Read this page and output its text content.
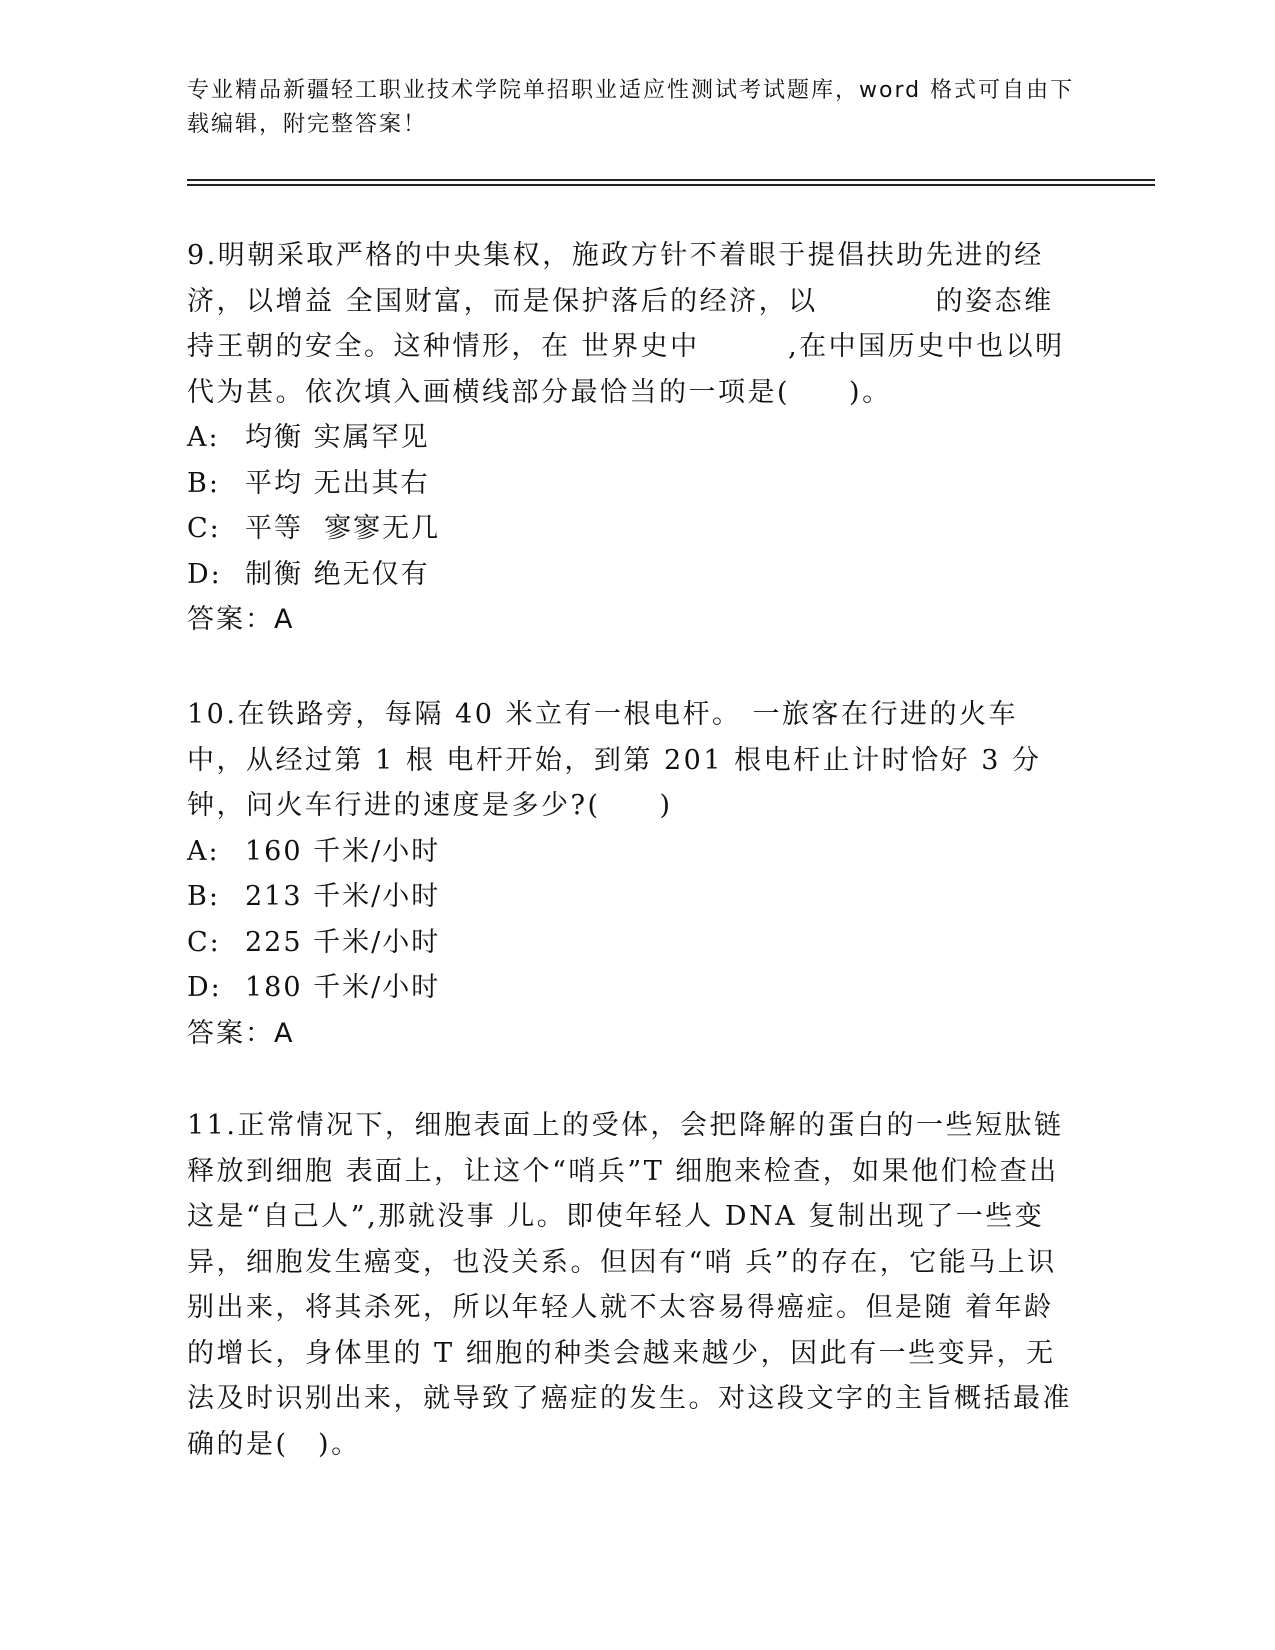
专业精品新疆轻工职业技术学院单招职业适应性测试考试题库，word 格式可自由下载编辑，附完整答案！

9.明朝采取严格的中央集权，施政方针不着眼于提倡扶助先进的经济，以增益 全国财富，而是保护落后的经济，以　　　　的姿态维持王朝的安全。这种情形，在 世界史中　　　,在中国历史中也以明代为甚。依次填入画横线部分最恰当的一项是(　　)。

A: 均衡 实属罕见

B: 平均 无出其右

C: 平等  寥寥无几

D: 制衡 绝无仅有

答案：A

10.在铁路旁，每隔 40 米立有一根电杆。 一旅客在行进的火车中，从经过第 1 根 电杆开始，到第 201 根电杆止计时恰好 3 分钟，问火车行进的速度是多少?(　　)

A: 160 千米/小时

B: 213 千米/小时

C: 225 千米/小时

D: 180 千米/小时

答案：A

11.正常情况下，细胞表面上的受体，会把降解的蛋白的一些短肽链释放到细胞 表面上，让这个“哨兵”T 细胞来检查，如果他们检查出这是“自己人”,那就没事 儿。即使年轻人 DNA 复制出现了一些变异，细胞发生癌变，也没关系。但因有“哨 兵”的存在，它能马上识别出来，将其杀死，所以年轻人就不太容易得癌症。但是随 着年龄的增长，身体里的 T 细胞的种类会越来越少，因此有一些变异，无法及时识别出来，就导致了癌症的发生。对这段文字的主旨概括最准确的是(　)。
